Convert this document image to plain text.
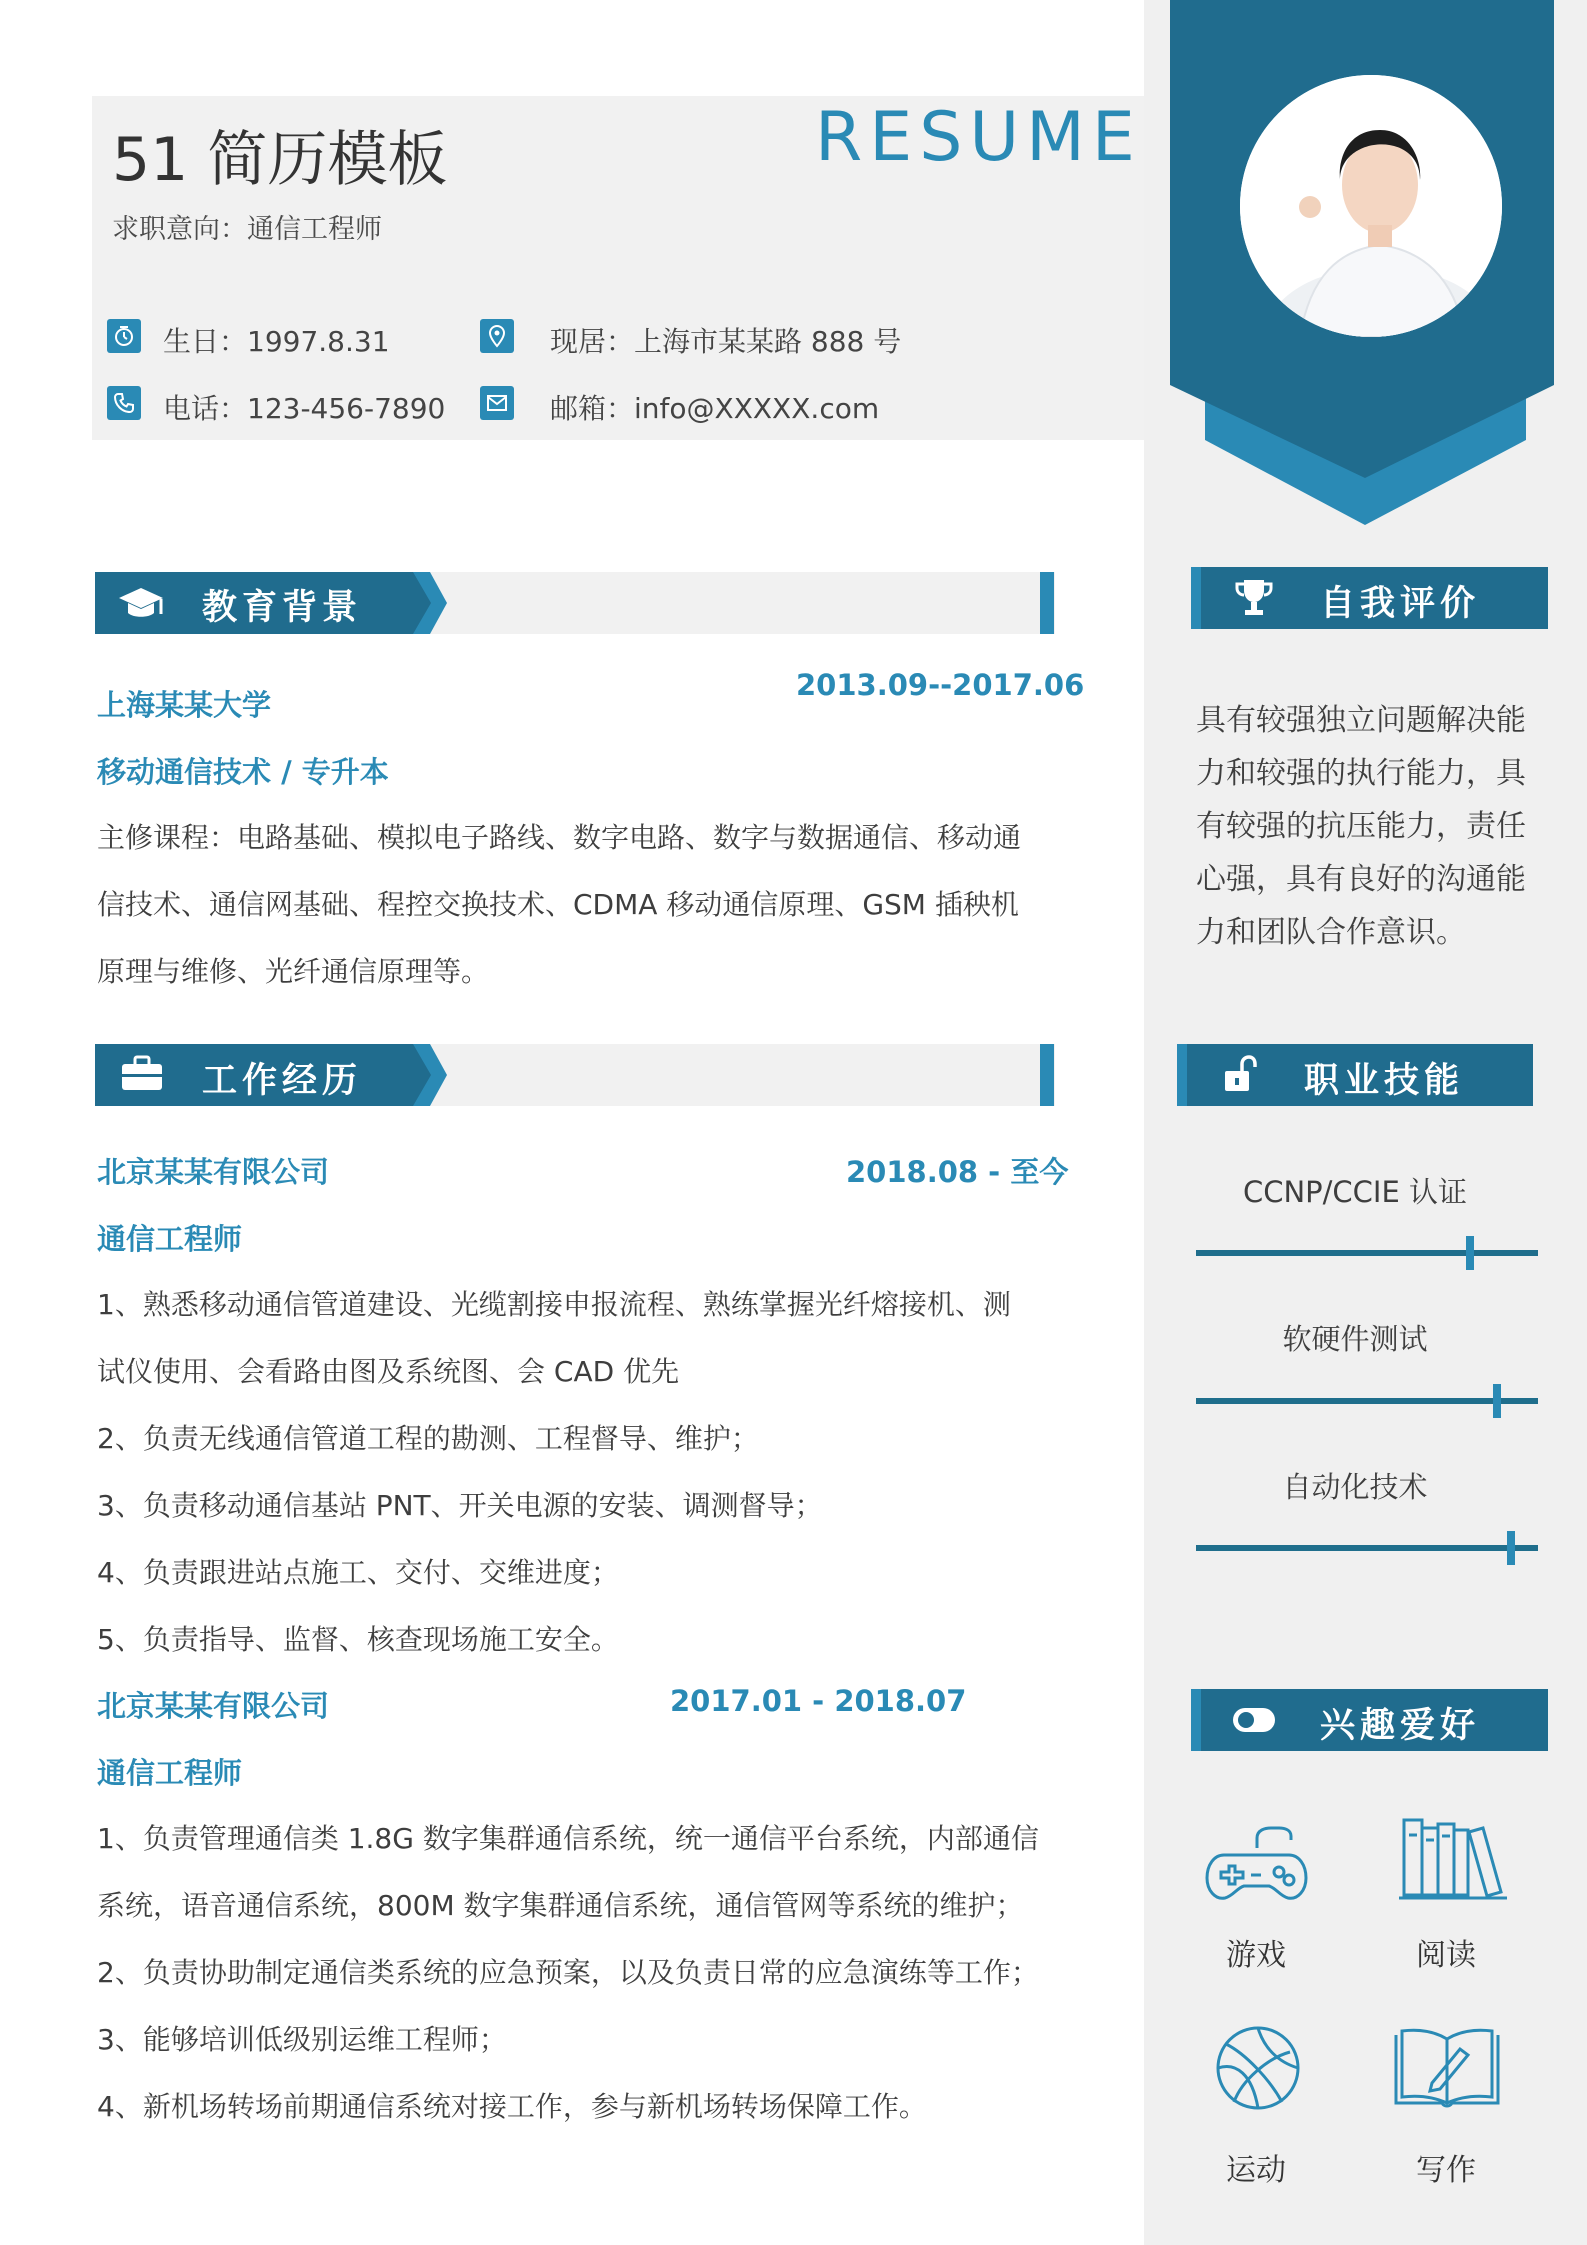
51 简历模板	RESUME
求职意向：通信工程师
生日：1997.8.31	现居：上海市某某路 888 号
电话：123-456-7890	邮箱：info@XXXXX.com
教育背景
上海某某大学
2013.09--2017.06
移动通信技术 / 专升本
主修课程：电路基础、模拟电子路线、数字电路、数字与数据通信、移动通
信技术、通信网基础、程控交换技术、CDMA 移动通信原理、GSM 插秧机
原理与维修、光纤通信原理等。
工作经历
北京某某有限公司	2018.08 - 至今
通信工程师
1、熟悉移动通信管道建设、光缆割接申报流程、熟练掌握光纤熔接机、测
试仪使用、会看路由图及系统图、会 CAD 优先
2、负责无线通信管道工程的勘测、工程督导、维护；
3、负责移动通信基站 PNT、开关电源的安装、调测督导；
4、负责跟进站点施工、交付、交维进度；
5、负责指导、监督、核查现场施工安全。
北京某某有限公司	2017.01 - 2018.07
通信工程师
1、负责管理通信类 1.8G 数字集群通信系统，统一通信平台系统，内部通信
系统，语音通信系统，800M 数字集群通信系统，通信管网等系统的维护；
2、负责协助制定通信类系统的应急预案，以及负责日常的应急演练等工作；
3、能够培训低级别运维工程师；
4、新机场转场前期通信系统对接工作，参与新机场转场保障工作。
自我评价
具有较强独立问题解决能
力和较强的执行能力，具
有较强的抗压能力，责任
心强，具有良好的沟通能
力和团队合作意识。
职业技能
CCNP/CCIE 认证
软硬件测试
自动化技术
兴趣爱好
游戏	阅读
运动	写作
